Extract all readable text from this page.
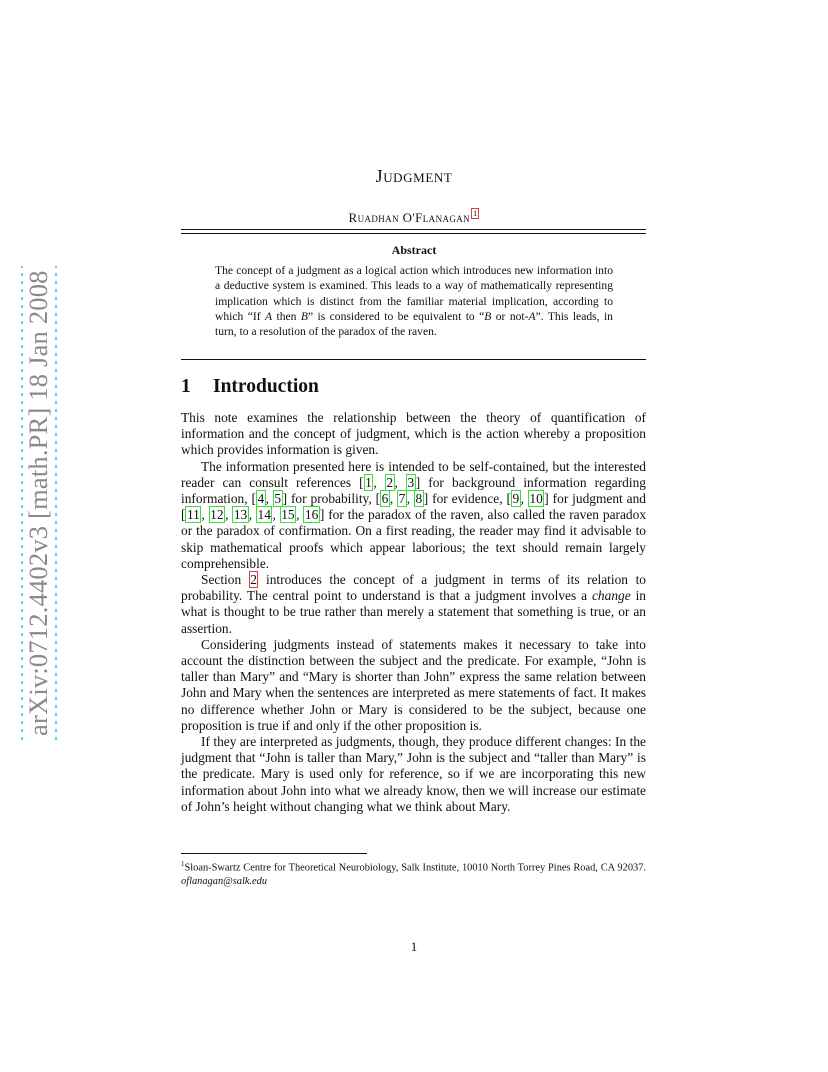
arXiv:0712.4402v3 [math.PR] 18 Jan 2008
Judgment
Ruadhan O'Flanagan 1
Abstract
The concept of a judgment as a logical action which introduces new information into a deductive system is examined. This leads to a way of mathematically representing implication which is distinct from the familiar material implication, according to which “If A then B” is considered to be equivalent to “B or not-A”. This leads, in turn, to a resolution of the paradox of the raven.
1 Introduction

This note examines the relationship between the theory of quantification of information and the concept of judgment, which is the action whereby a proposition which provides information is given.

The information presented here is intended to be self-contained, but the interested reader can consult references [ 1 , 2 , 3 ] for background information regarding information, [ 4 , 5 ] for probability, [ 6 , 7 , 8 ] for evidence, [ 9 , 10 ] for judgment and [ 11 , 12 , 13 , 14 , 15 , 16 ] for the paradox of the raven, also called the raven paradox or the paradox of confirmation. On a first reading, the reader may find it advisable to skip mathematical proofs which appear laborious; the text should remain largely comprehensible.

Section 2 introduces the concept of a judgment in terms of its relation to probability. The central point to understand is that a judgment involves a change in what is thought to be true rather than merely a statement that something is true, or an assertion.

Considering judgments instead of statements makes it necessary to take into account the distinction between the subject and the predicate. For example, “John is taller than Mary” and “Mary is shorter than John” express the same relation between John and Mary when the sentences are interpreted as mere statements of fact. It makes no difference whether John or Mary is considered to be the subject, because one proposition is true if and only if the other proposition is.

If they are interpreted as judgments, though, they produce different changes: In the judgment that “John is taller than Mary,” John is the subject and “taller than Mary” is the predicate. Mary is used only for reference, so if we are incorporating this new information about John into what we already know, then we will increase our estimate of John’s height without changing what we think about Mary.

$^1$Sloan-Swartz Centre for Theoretical Neurobiology, Salk Institute, 10010 North Torrey Pines Road, CA 92037. oflanagan@salk.edu
1
